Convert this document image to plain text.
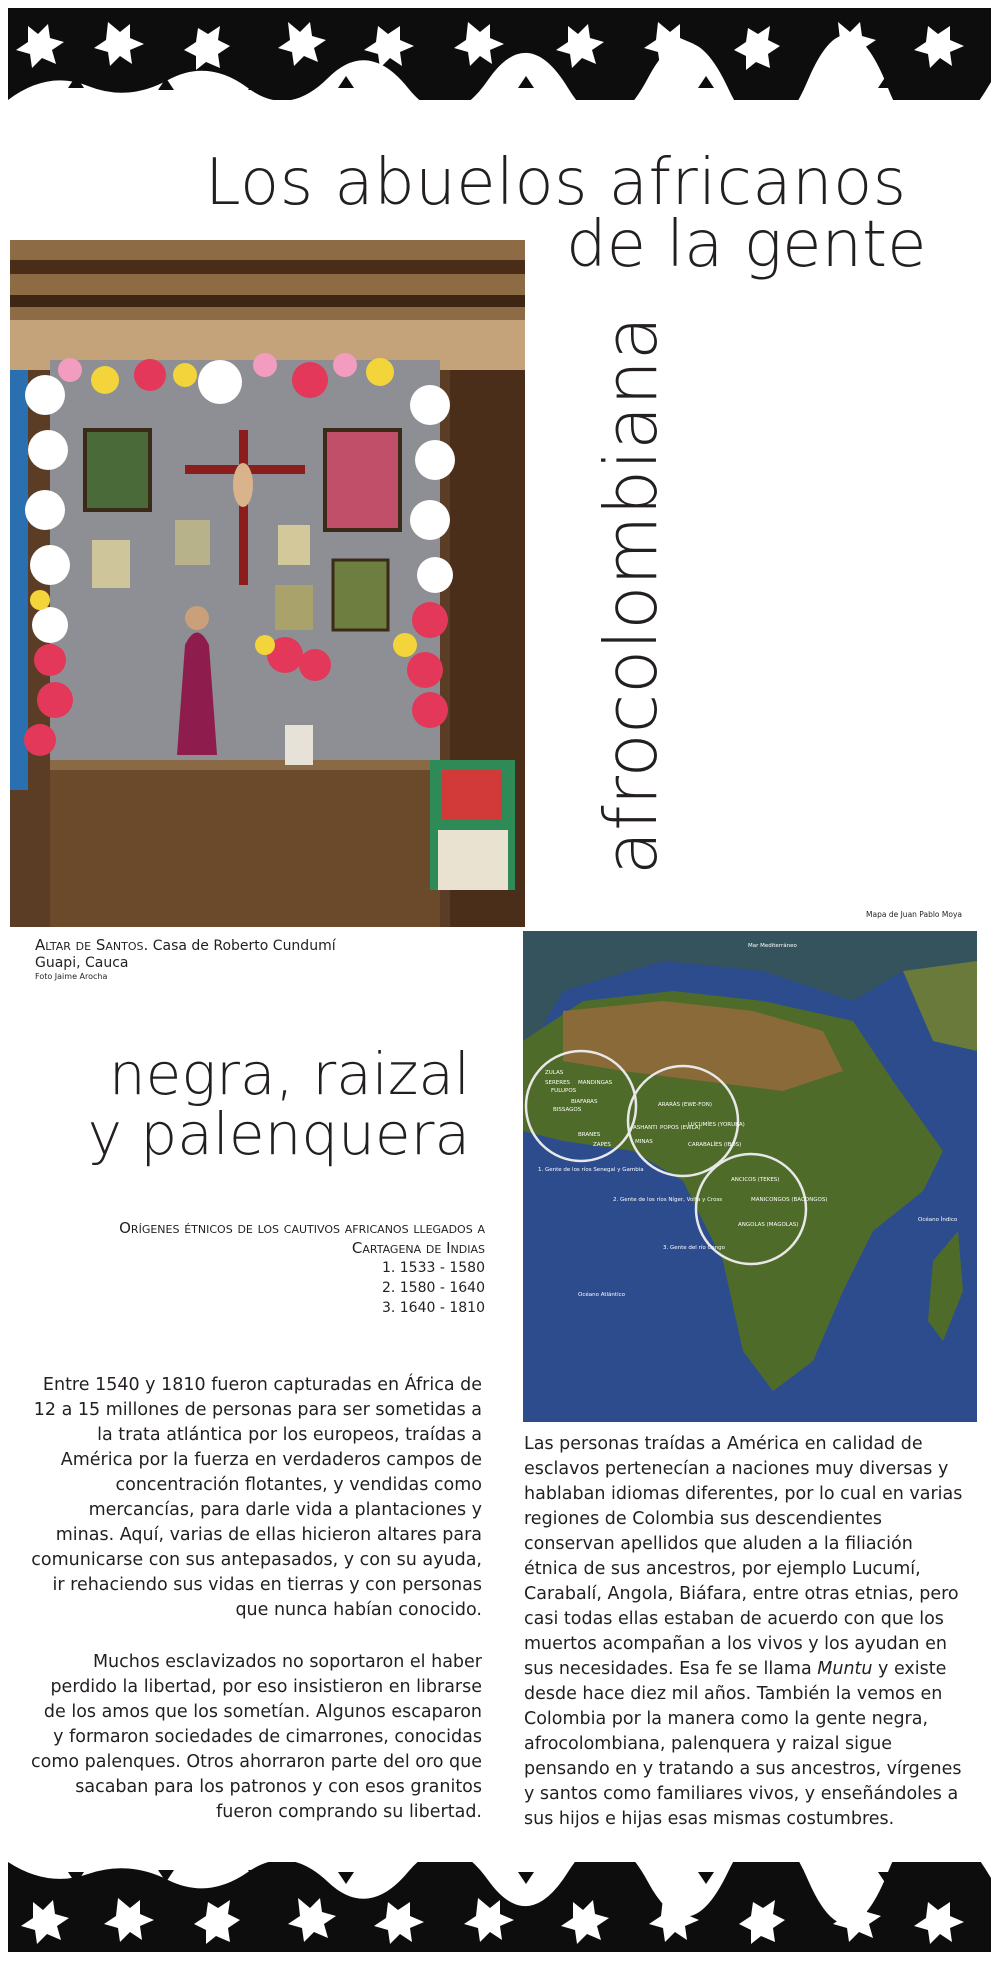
Los abuelos africanos
de la gente
afrocolombiana
Altar de Santos. Casa de Roberto Cundumí
Guapi, Cauca
Foto Jaime Arocha
negra, raizal
y palenquera
Orígenes étnicos de los cautivos africanos llegados a
Cartagena de Indias
1. 1533 - 1580
2. 1580 - 1640
3. 1640 - 1810
Entre 1540 y 1810 fueron capturadas en África de 12 a 15 millones de personas para ser sometidas a la trata atlántica por los europeos, traídas a América por la fuerza en verdaderos campos de concentración flotantes, y vendidas como mercancías, para darle vida a plantaciones y minas. Aquí, varias de ellas hicieron altares para comunicarse con sus antepasados, y con su ayuda, ir rehaciendo sus vidas en tierras y con personas que nunca habían conocido.
Muchos esclavizados no soportaron el haber perdido la libertad, por eso insistieron en librarse de los amos que los sometían. Algunos escaparon y formaron sociedades de cimarrones, conocidas como palenques. Otros ahorraron parte del oro que sacaban para los patronos y con esos granitos fueron comprando su libertad.
Mapa de Juan Pablo Moya
Mar Mediterráneo
Océano Índico
Océano Atlántico
1. Gente de los ríos Senegal y Gambia
2. Gente de los ríos Níger, Volta y Cross
3. Gente del río Congo
ZULAS
SERERES
FULUPOS
MANDINGAS
BIAFARAS
BISSAGOS
BRANES
ZAPES
ARARÁS (EWE-FON)
ASHANTI POPOS (EWLA)
LUCUMÍES (YORUBA)
MINAS	CARABALÍES (IBOS)
ANCICOS (TEKES)
MANICONGOS (BACONGOS)
ANGOLAS (MAGOLAS)
Las personas traídas a América en calidad de esclavos pertenecían a naciones muy diversas y hablaban idiomas diferentes, por lo cual en varias regiones de Colombia sus descendientes conservan apellidos que aluden a la filiación étnica de sus ancestros, por ejemplo Lucumí, Carabalí, Angola, Biáfara, entre otras etnias, pero casi todas ellas estaban de acuerdo con que los muertos acompañan a los vivos y los ayudan en sus necesidades. Esa fe se llama Muntu y existe desde hace diez mil años. También la vemos en Colombia por la manera como la gente negra, afrocolombiana, palenquera y raizal sigue pensando en y tratando a sus ancestros, vírgenes y santos como familiares vivos, y enseñándoles a sus hijos e hijas esas mismas costumbres.
